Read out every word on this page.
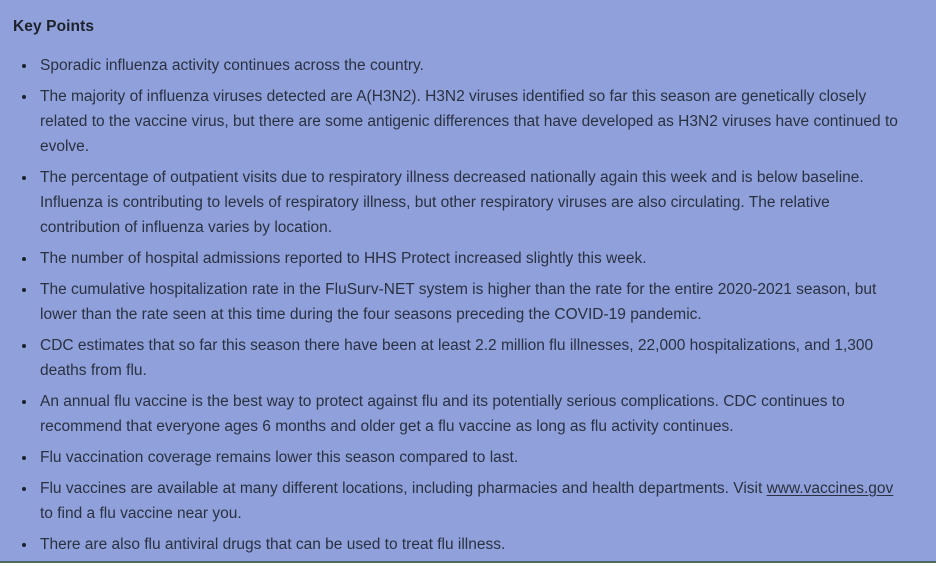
Key Points
• Sporadic influenza activity continues across the country.
• The majority of influenza viruses detected are A(H3N2). H3N2 viruses identified so far this season are genetically closely related to the vaccine virus, but there are some antigenic differences that have developed as H3N2 viruses have continued to evolve.
• The percentage of outpatient visits due to respiratory illness decreased nationally again this week and is below baseline. Influenza is contributing to levels of respiratory illness, but other respiratory viruses are also circulating. The relative contribution of influenza varies by location.
• The number of hospital admissions reported to HHS Protect increased slightly this week.
• The cumulative hospitalization rate in the FluSurv-NET system is higher than the rate for the entire 2020-2021 season, but lower than the rate seen at this time during the four seasons preceding the COVID-19 pandemic.
• CDC estimates that so far this season there have been at least 2.2 million flu illnesses, 22,000 hospitalizations, and 1,300 deaths from flu.
• An annual flu vaccine is the best way to protect against flu and its potentially serious complications. CDC continues to recommend that everyone ages 6 months and older get a flu vaccine as long as flu activity continues.
• Flu vaccination coverage remains lower this season compared to last.
• Flu vaccines are available at many different locations, including pharmacies and health departments. Visit www.vaccines.gov to find a flu vaccine near you.
• There are also flu antiviral drugs that can be used to treat flu illness.
